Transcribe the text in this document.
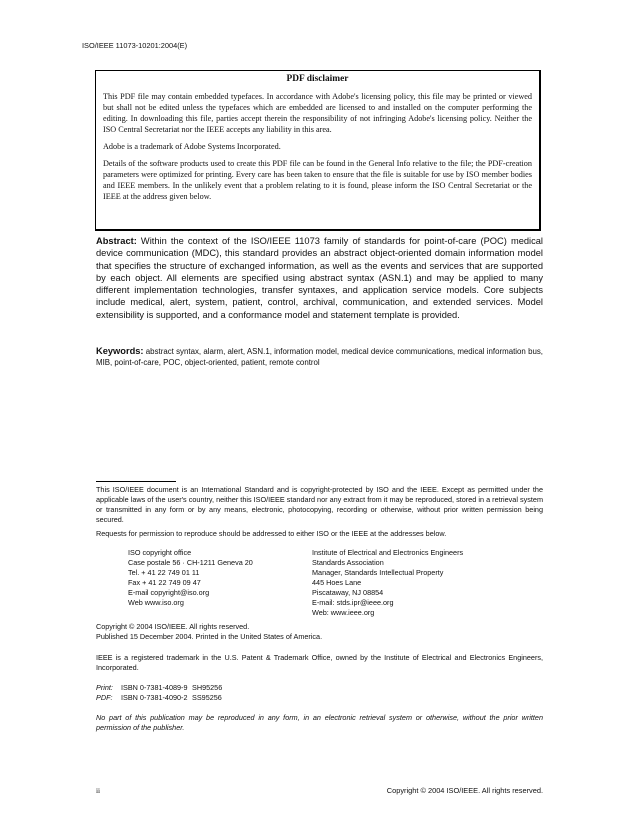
ISO/IEEE 11073-10201:2004(E)
PDF disclaimer

This PDF file may contain embedded typefaces. In accordance with Adobe's licensing policy, this file may be printed or viewed but shall not be edited unless the typefaces which are embedded are licensed to and installed on the computer performing the editing. In downloading this file, parties accept therein the responsibility of not infringing Adobe's licensing policy. Neither the ISO Central Secretariat nor the IEEE accepts any liability in this area.

Adobe is a trademark of Adobe Systems Incorporated.

Details of the software products used to create this PDF file can be found in the General Info relative to the file; the PDF-creation parameters were optimized for printing. Every care has been taken to ensure that the file is suitable for use by ISO member bodies and IEEE members. In the unlikely event that a problem relating to it is found, please inform the ISO Central Secretariat or the IEEE at the address given below.

Abstract: Within the context of the ISO/IEEE 11073 family of standards for point-of-care (POC) medical device communication (MDC), this standard provides an abstract object-oriented domain information model that specifies the structure of exchanged information, as well as the events and services that are supported by each object. All elements are specified using abstract syntax (ASN.1) and may be applied to many different implementation technologies, transfer syntaxes, and application service models. Core subjects include medical, alert, system, patient, control, archival, communication, and extended services. Model extensibility is supported, and a conformance model and statement template is provided.
Keywords: abstract syntax, alarm, alert, ASN.1, information model, medical device communications, medical information bus, MIB, point-of-care, POC, object-oriented, patient, remote control

This ISO/IEEE document is an International Standard and is copyright-protected by ISO and the IEEE. Except as permitted under the applicable laws of the user's country, neither this ISO/IEEE standard nor any extract from it may be reproduced, stored in a retrieval system or transmitted in any form or by any means, electronic, photocopying, recording or otherwise, without prior written permission being secured.

Requests for permission to reproduce should be addressed to either ISO or the IEEE at the addresses below.

ISO copyright office
Case postale 56 · CH-1211 Geneva 20
Tel. + 41 22 749 01 11
Fax + 41 22 749 09 47
E-mail copyright@iso.org
Web www.iso.org
Institute of Electrical and Electronics Engineers
Standards Association
Manager, Standards Intellectual Property
445 Hoes Lane
Piscataway, NJ 08854
E-mail: stds.ipr@ieee.org
Web: www.ieee.org
Copyright © 2004 ISO/IEEE. All rights reserved.
Published 15 December 2004. Printed in the United States of America.

IEEE is a registered trademark in the U.S. Patent & Trademark Office, owned by the Institute of Electrical and Electronics Engineers, Incorporated.

Print: ISBN 0-7381-4089-9 SH95256
PDF: ISBN 0-7381-4090-2 SS95256

No part of this publication may be reproduced in any form, in an electronic retrieval system or otherwise, without the prior written permission of the publisher.

ii	Copyright © 2004 ISO/IEEE. All rights reserved.
